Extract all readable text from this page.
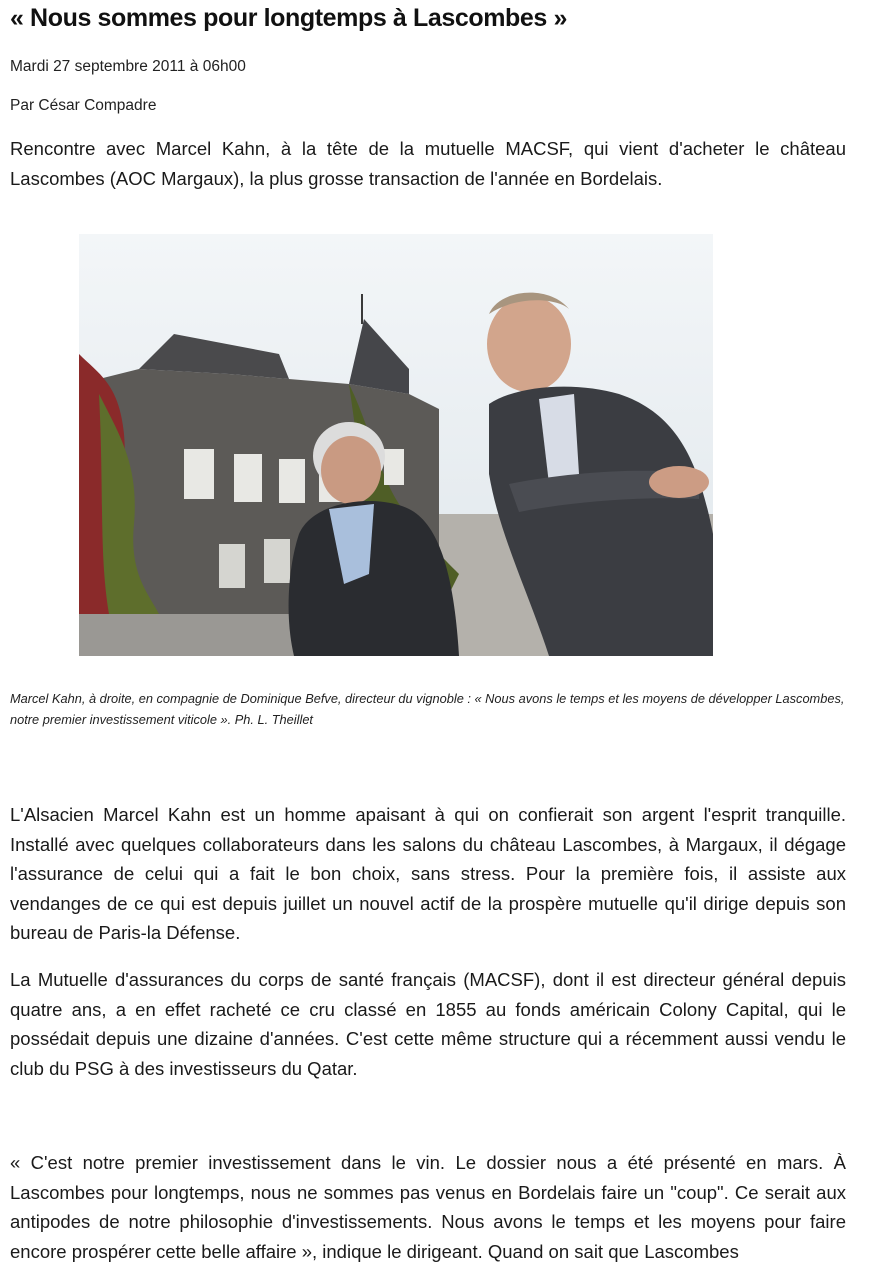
« Nous sommes pour longtemps à Lascombes »
Mardi 27 septembre 2011 à 06h00
Par César Compadre

Rencontre avec Marcel Kahn, à la tête de la mutuelle MACSF, qui vient d'acheter le château Lascombes (AOC Margaux), la plus grosse transaction de l'année en Bordelais.

Marcel Kahn, à droite, en compagnie de Dominique Befve, directeur du vignoble : « Nous avons le temps et les moyens de développer Lascombes, notre premier investissement viticole ». Ph. L. Theillet

L'Alsacien Marcel Kahn est un homme apaisant à qui on confierait son argent l'esprit tranquille. Installé avec quelques collaborateurs dans les salons du château Lascombes, à Margaux, il dégage l'assurance de celui qui a fait le bon choix, sans stress. Pour la première fois, il assiste aux vendanges de ce qui est depuis juillet un nouvel actif de la prospère mutuelle qu'il dirige depuis son bureau de Paris-la Défense.

La Mutuelle d'assurances du corps de santé français (MACSF), dont il est directeur général depuis quatre ans, a en effet racheté ce cru classé en 1855 au fonds américain Colony Capital, qui le possédait depuis une dizaine d'années. C'est cette même structure qui a récemment aussi vendu le club du PSG à des investisseurs du Qatar.

« C'est notre premier investissement dans le vin. Le dossier nous a été présenté en mars. À Lascombes pour longtemps, nous ne sommes pas venus en Bordelais faire un "coup". Ce serait aux antipodes de notre philosophie d'investissements. Nous avons le temps et les moyens pour faire encore prospérer cette belle affaire », indique le dirigeant. Quand on sait que Lascombes
